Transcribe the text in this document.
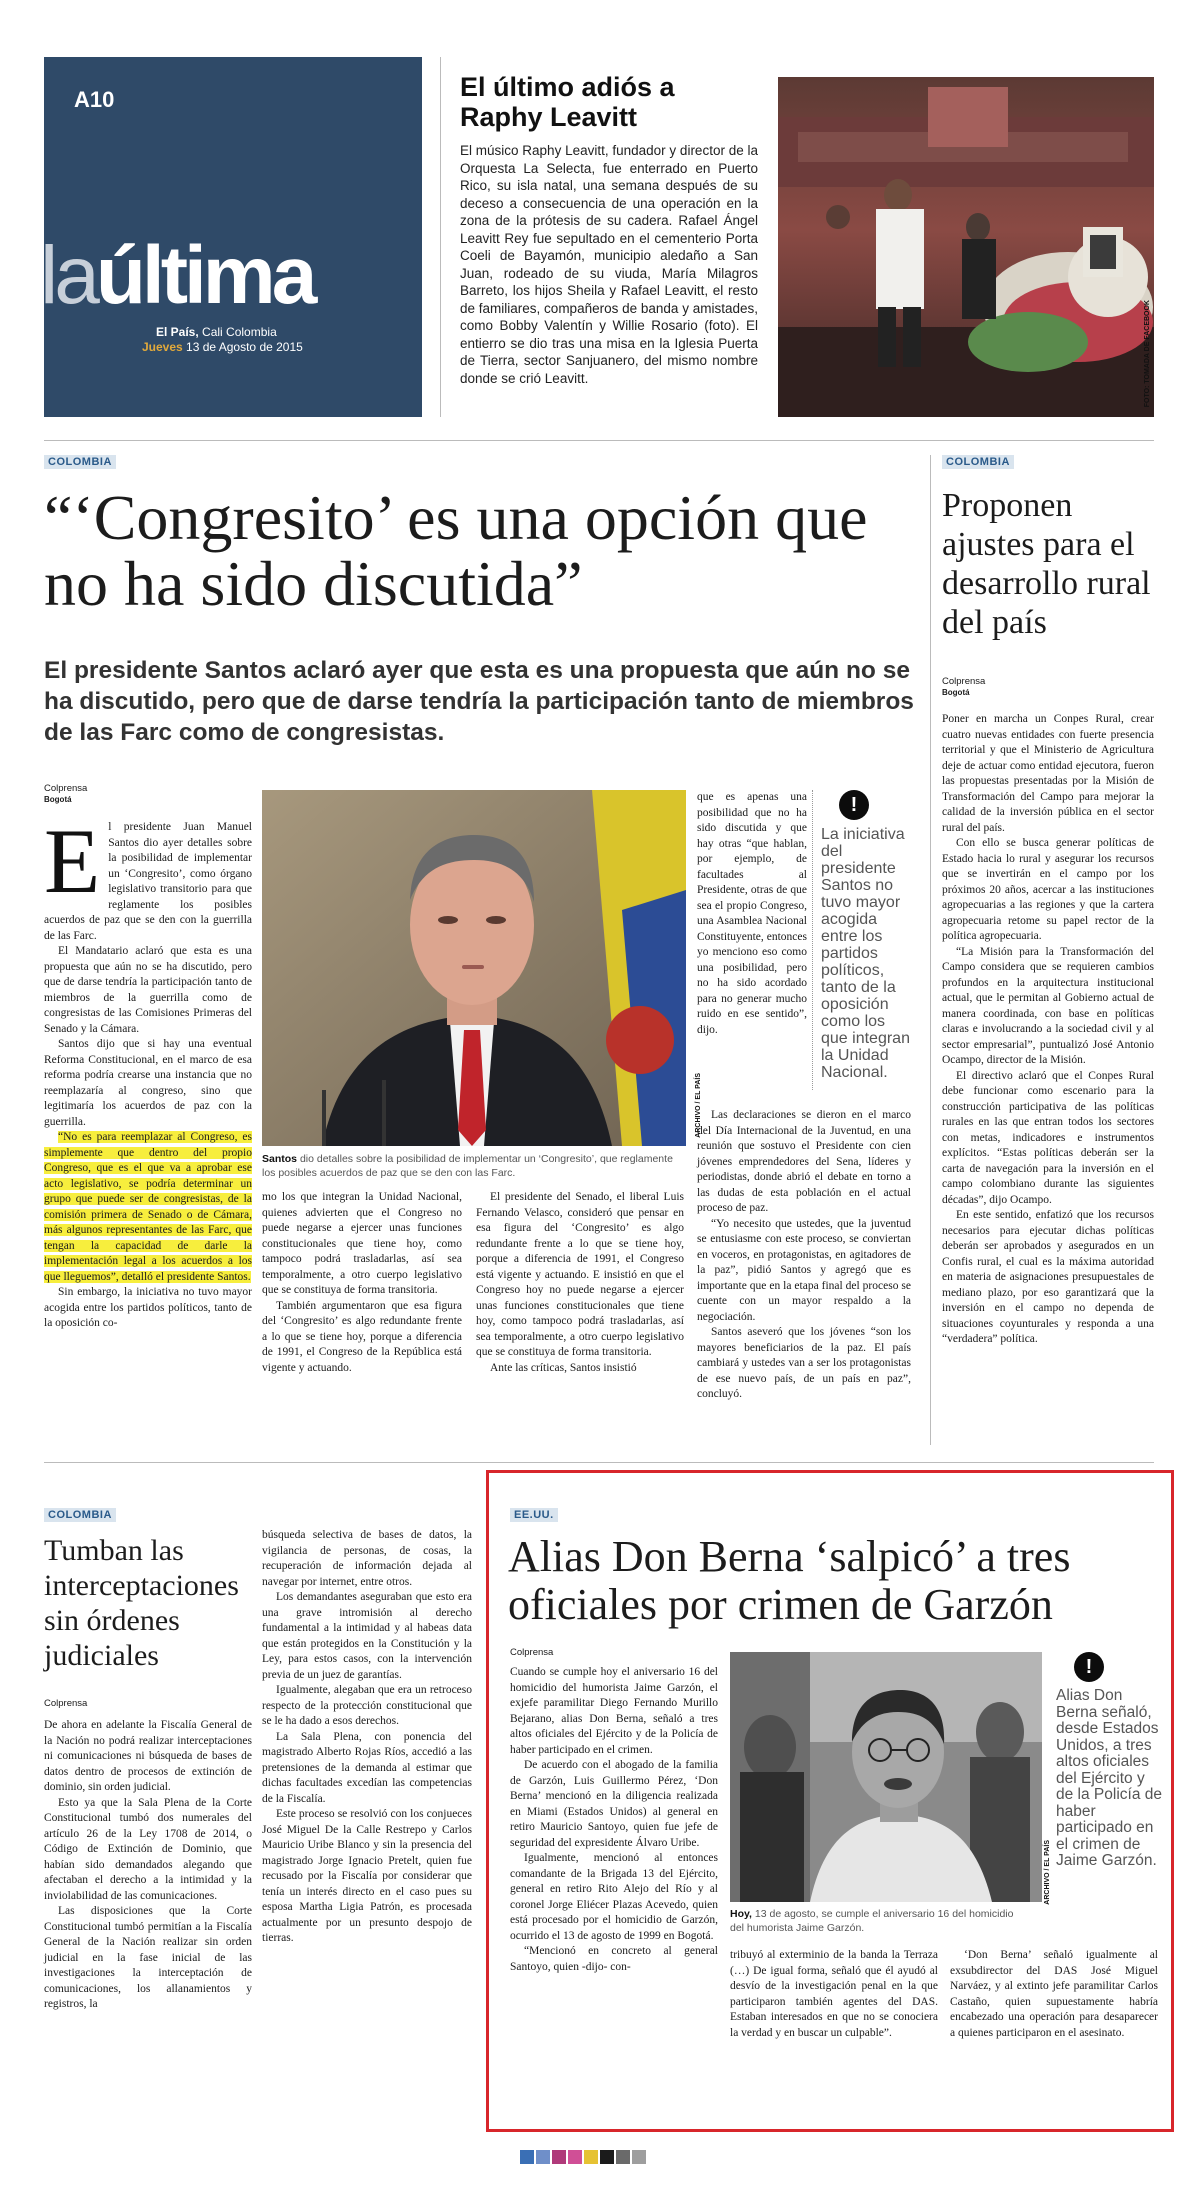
A10
laúltima
El País, Cali Colombia
Jueves 13 de Agosto de 2015
El último adiós a Raphy Leavitt

El músico Raphy Leavitt, fundador y director de la Orquesta La Selecta, fue enterrado en Puerto Rico, su isla natal, una semana después de su deceso a consecuencia de una operación en la zona de la prótesis de su cadera. Rafael Ángel Leavitt Rey fue sepultado en el cementerio Porta Coeli de Bayamón, municipio aledaño a San Juan, rodeado de su viuda, María Milagros Barreto, los hijos Sheila y Rafael Leavitt, el resto de familiares, compañeros de banda y amistades, como Bobby Valentín y Willie Rosario (foto). El entierro se dio tras una misa en la Iglesia Puerta de Tierra, sector Sanjuanero, del mismo nombre donde se crió Leavitt.	FOTO: TOMADA DE FACEBOOK
COLOMBIA
“‘Congresito’ es una opción que no ha sido discutida”
El presidente Santos aclaró ayer que esta es una propuesta que aún no se ha discutido, pero que de darse tendría la participación tanto de miembros de las Farc como de congresistas.
Colprensa
Bogotá
E l presidente Juan Manuel Santos dio ayer detalles sobre la posibilidad de implementar un ‘Congresito’, como órgano legislativo transitorio para que reglamente los posibles acuerdos de paz que se den con la guerrilla de las Farc.

El Mandatario aclaró que esta es una propuesta que aún no se ha discutido, pero que de darse tendría la participación tanto de miembros de la guerrilla como de congresistas de las Comisiones Primeras del Senado y la Cámara.

Santos dijo que si hay una eventual Reforma Constitucional, en el marco de esa reforma podría crearse una instancia que no reemplazaría al congreso, sino que legitimaría los acuerdos de paz con la guerrilla.

“No es para reemplazar al Congreso, es simplemente que dentro del propio Congreso, que es el que va a aprobar ese acto legislativo, se podría determinar un grupo que puede ser de congresistas, de la comisión primera de Senado o de Cámara, más algunos representantes de las Farc, que tengan la capacidad de darle la implementación legal a los acuerdos a los que lleguemos”, detalló el presidente Santos.

Sin embargo, la iniciativa no tuvo mayor acogida entre los partidos políticos, tanto de la oposición co-

ARCHIVO / EL PAÍS
Santos dio detalles sobre la posibilidad de implementar un ‘Congresito’, que reglamente los posibles acuerdos de paz que se den con las Farc.

mo los que integran la Unidad Nacional, quienes advierten que el Congreso no puede negarse a ejercer unas funciones constitucionales que tiene hoy, como tampoco podrá trasladarlas, así sea temporalmente, a otro cuerpo legislativo que se constituya de forma transitoria.

También argumentaron que esa figura del ‘Congresito’ es algo redundante frente a lo que se tiene hoy, porque a diferencia de 1991, el Congreso de la República está vigente y actuando.

El presidente del Senado, el liberal Luis Fernando Velasco, consideró que pensar en esa figura del ‘Congresito’ es algo redundante frente a lo que se tiene hoy, porque a diferencia de 1991, el Congreso está vigente y actuando. E insistió en que el Congreso hoy no puede negarse a ejercer unas funciones constitucionales que tiene hoy, como tampoco podrá trasladarlas, así sea temporalmente, a otro cuerpo legislativo que se constituya de forma transitoria.

Ante las críticas, Santos insistió

que es apenas una posibilidad que no ha sido discutida y que hay otras “que hablan, por ejemplo, de facultades al Presidente, otras de que sea el propio Congreso, una Asamblea Nacional Constituyente, entonces yo menciono eso como una posibilidad, pero no ha sido acordado para no generar mucho ruido en ese sentido”, dijo.

!
La iniciativa del presidente Santos no tuvo mayor acogida entre los partidos políticos, tanto de la oposición como los que integran la Unidad Nacional.

Las declaraciones se dieron en el marco del Día Internacional de la Juventud, en una reunión que sostuvo el Presidente con cien jóvenes emprendedores del Sena, líderes y periodistas, donde abrió el debate en torno a las dudas de esta población en el actual proceso de paz.

“Yo necesito que ustedes, que la juventud se entusiasme con este proceso, se conviertan en voceros, en protagonistas, en agitadores de la paz”, pidió Santos y agregó que es importante que en la etapa final del proceso se cuente con un mayor respaldo a la negociación.

Santos aseveró que los jóvenes “son los mayores beneficiarios de la paz. El país cambiará y ustedes van a ser los protagonistas de ese nuevo país, de un país en paz”, concluyó.

COLOMBIA
Proponen ajustes para el desarrollo rural del país
Colprensa
Bogotá

Poner en marcha un Conpes Rural, crear cuatro nuevas entidades con fuerte presencia territorial y que el Ministerio de Agricultura deje de actuar como entidad ejecutora, fueron las propuestas presentadas por la Misión de Transformación del Campo para mejorar la calidad de la inversión pública en el sector rural del país.

Con ello se busca generar políticas de Estado hacia lo rural y asegurar los recursos que se invertirán en el campo por los próximos 20 años, acercar a las instituciones agropecuarias a las regiones y que la cartera agropecuaria retome su papel rector de la política agropecuaria.

“La Misión para la Transformación del Campo considera que se requieren cambios profundos en la arquitectura institucional actual, que le permitan al Gobierno actual de manera coordinada, con base en políticas claras e involucrando a la sociedad civil y al sector empresarial”, puntualizó José Antonio Ocampo, director de la Misión.

El directivo aclaró que el Conpes Rural debe funcionar como escenario para la construcción participativa de las políticas rurales en las que entran todos los sectores con metas, indicadores e instrumentos explícitos. “Estas políticas deberán ser la carta de navegación para la inversión en el campo colombiano durante las siguientes décadas”, dijo Ocampo.

En este sentido, enfatizó que los recursos necesarios para ejecutar dichas políticas deberán ser aprobados y asegurados en un Confis rural, el cual es la máxima autoridad en materia de asignaciones presupuestales de mediano plazo, por eso garantizará que la inversión en el campo no dependa de situaciones coyunturales y responda a una “verdadera” política.

COLOMBIA
Tumban las interceptaciones sin órdenes judiciales
Colprensa

De ahora en adelante la Fiscalía General de la Nación no podrá realizar interceptaciones ni comunicaciones ni búsqueda de bases de datos dentro de procesos de extinción de dominio, sin orden judicial.

Esto ya que la Sala Plena de la Corte Constitucional tumbó dos numerales del artículo 26 de la Ley 1708 de 2014, o Código de Extinción de Dominio, que habían sido demandados alegando que afectaban el derecho a la intimidad y la inviolabilidad de las comunicaciones.

Las disposiciones que la Corte Constitucional tumbó permitían a la Fiscalía General de la Nación realizar sin orden judicial en la fase inicial de las investigaciones la interceptación de comunicaciones, los allanamientos y registros, la

búsqueda selectiva de bases de datos, la vigilancia de personas, de cosas, la recuperación de información dejada al navegar por internet, entre otros.

Los demandantes aseguraban que esto era una grave intromisión al derecho fundamental a la intimidad y al habeas data que están protegidos en la Constitución y la Ley, para estos casos, con la intervención previa de un juez de garantías.

Igualmente, alegaban que era un retroceso respecto de la protección constitucional que se le ha dado a esos derechos.

La Sala Plena, con ponencia del magistrado Alberto Rojas Ríos, accedió a las pretensiones de la demanda al estimar que dichas facultades excedían las competencias de la Fiscalía.

Este proceso se resolvió con los conjueces José Miguel De la Calle Restrepo y Carlos Mauricio Uribe Blanco y sin la presencia del magistrado Jorge Ignacio Pretelt, quien fue recusado por la Fiscalía por considerar que tenía un interés directo en el caso pues su esposa Martha Ligia Patrón, es procesada actualmente por un presunto despojo de tierras.

EE.UU.
Alias Don Berna ‘salpicó’ a tres oficiales por crimen de Garzón
Colprensa

Cuando se cumple hoy el aniversario 16 del homicidio del humorista Jaime Garzón, el exjefe paramilitar Diego Fernando Murillo Bejarano, alias Don Berna, señaló a tres altos oficiales del Ejército y de la Policía de haber participado en el crimen.

De acuerdo con el abogado de la familia de Garzón, Luis Guillermo Pérez, ‘Don Berna’ mencionó en la diligencia realizada en Miami (Estados Unidos) al general en retiro Mauricio Santoyo, quien fue jefe de seguridad del expresidente Álvaro Uribe.

Igualmente, mencionó al entonces comandante de la Brigada 13 del Ejército, general en retiro Rito Alejo del Río y al coronel Jorge Eliécer Plazas Acevedo, quien está procesado por el homicidio de Garzón, ocurrido el 13 de agosto de 1999 en Bogotá.

“Mencionó en concreto al general Santoyo, quien -dijo- con-

ARCHIVO / EL PAÍS
!
Alias Don Berna señaló, desde Estados Unidos, a tres altos oficiales del Ejército y de la Policía de haber participado en el crimen de Jaime Garzón.
Hoy, 13 de agosto, se cumple el aniversario 16 del homicidio del humorista Jaime Garzón.

tribuyó al exterminio de la banda la Terraza (…) De igual forma, señaló que él ayudó al desvío de la investigación penal en la que participaron también agentes del DAS. Estaban interesados en que no se conociera la verdad y en buscar un culpable”.

‘Don Berna’ señaló igualmente al exsubdirector del DAS José Miguel Narváez, y al extinto jefe paramilitar Carlos Castaño, quien supuestamente habría encabezado una operación para desaparecer a quienes participaron en el asesinato.
